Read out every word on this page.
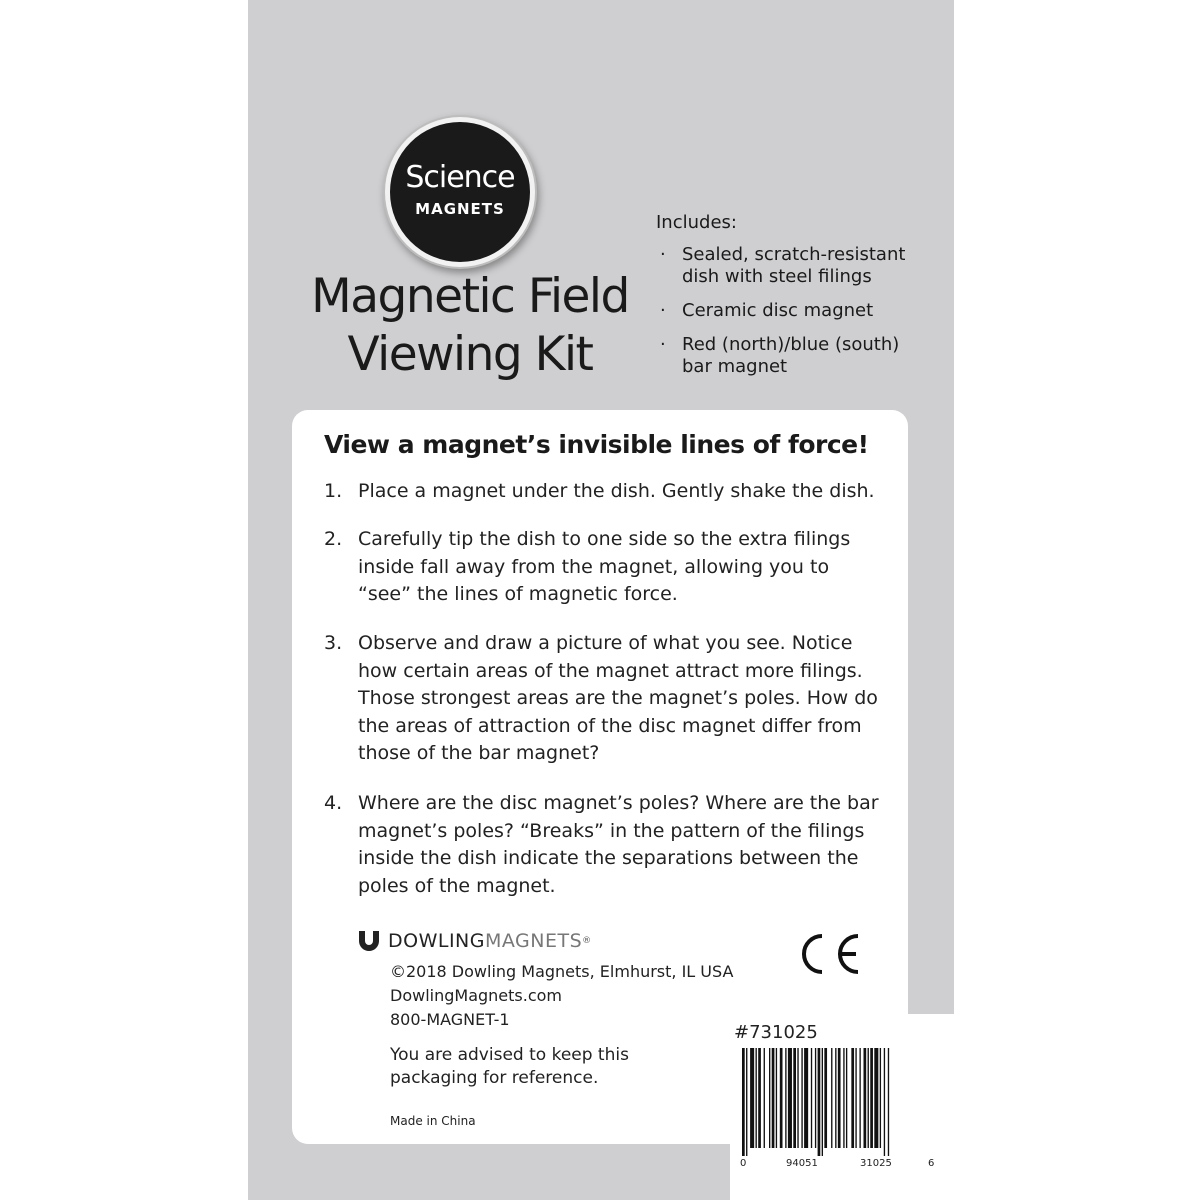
Science
MAGNETS
Magnetic Field
Viewing Kit
Includes:
· Sealed, scratch-resistant dish with steel filings
· Ceramic disc magnet
· Red (north)/blue (south) bar magnet
View a magnet’s invisible lines of force!
1. Place a magnet under the dish. Gently shake the dish.
2. Carefully tip the dish to one side so the extra filings inside fall away from the magnet, allowing you to “see” the lines of magnetic force.
3. Observe and draw a picture of what you see. Notice how certain areas of the magnet attract more filings. Those strongest areas are the magnet’s poles. How do the areas of attraction of the disc magnet differ from those of the bar magnet?
4. Where are the disc magnet’s poles? Where are the bar magnet’s poles? “Breaks” in the pattern of the filings inside the dish indicate the separations between the poles of the magnet.
DOWLING MAGNETS ®
©2018 Dowling Magnets, Elmhurst, IL USA
DowlingMagnets.com
800-MAGNET-1
You are advised to keep this packaging for reference.
Made in China
#731025
0	94051	31025	6
